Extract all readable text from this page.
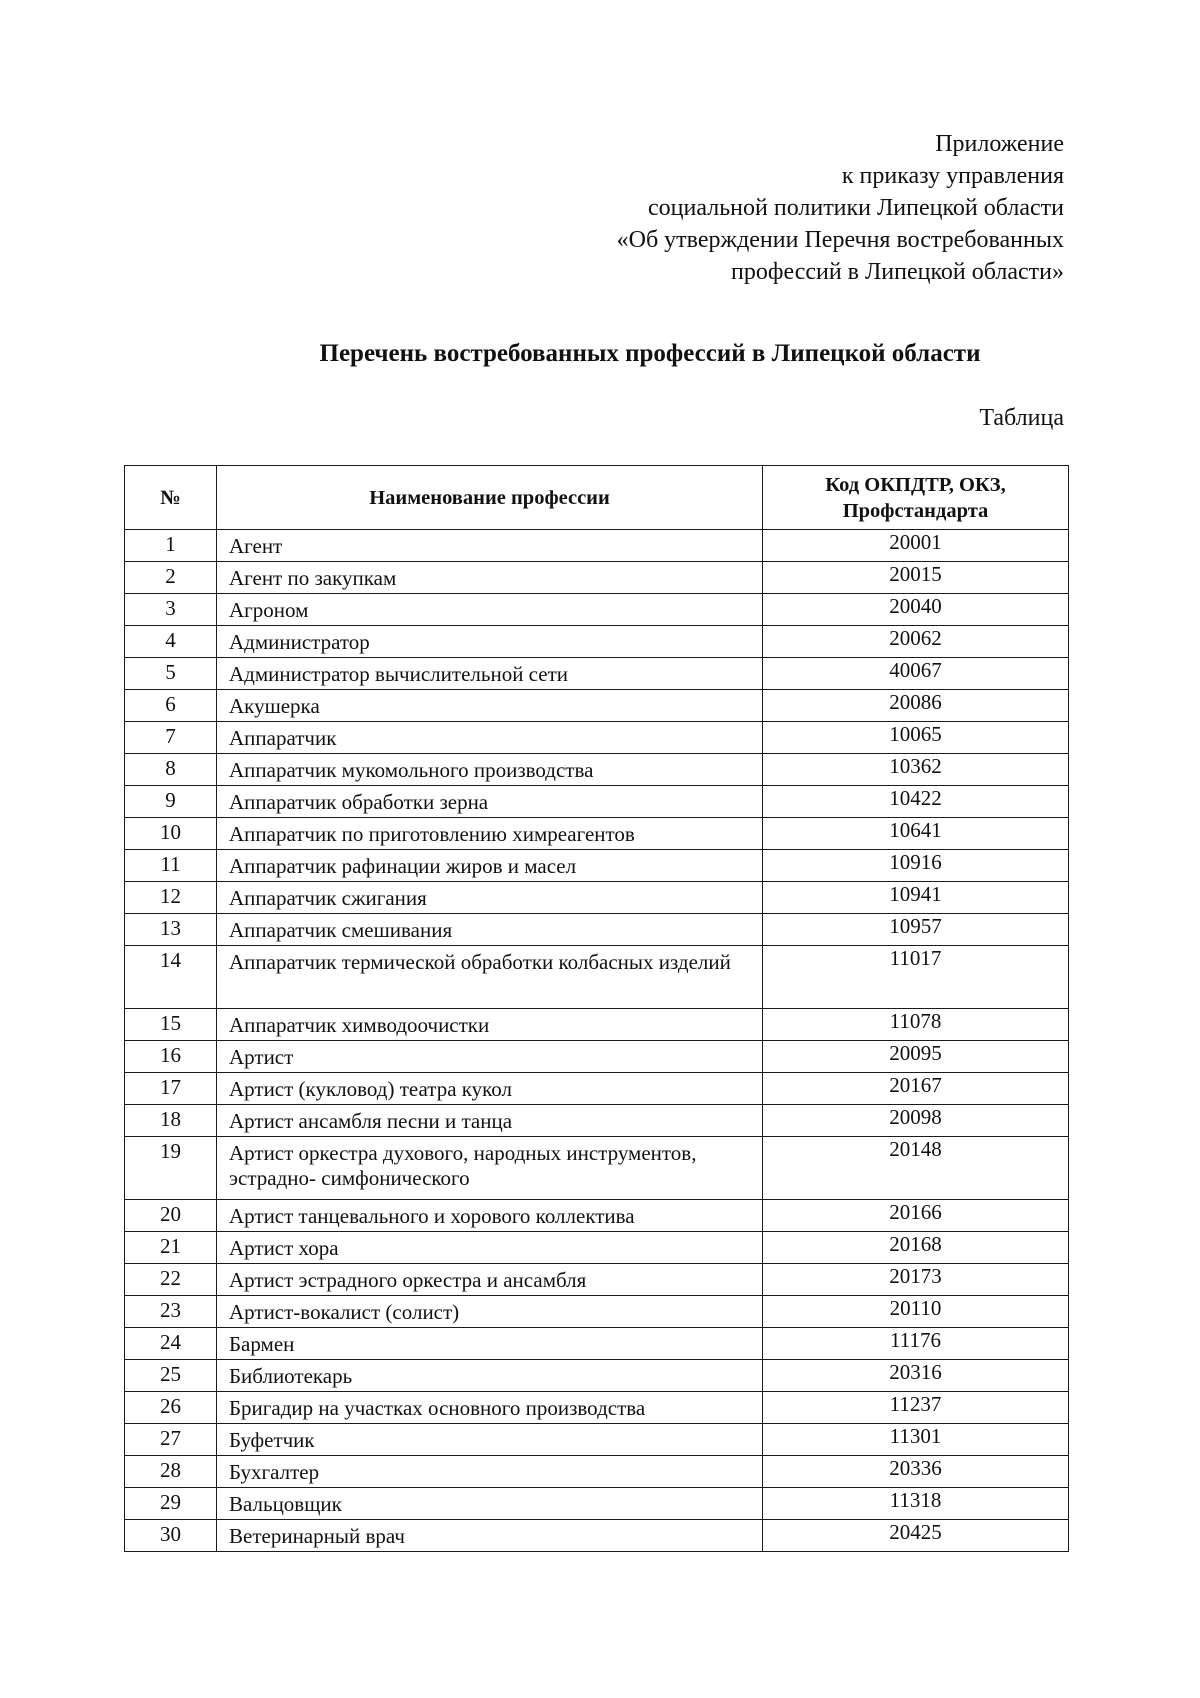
Приложение
к приказу управления
социальной политики Липецкой области
«Об утверждении Перечня востребованных
профессий в Липецкой области»
Перечень востребованных профессий в Липецкой области
Таблица
№	Наименование профессии	Код ОКПДТР, ОКЗ, Профстандарта
1	Агент	20001
2	Агент по закупкам	20015
3	Агроном	20040
4	Администратор	20062
5	Администратор вычислительной сети	40067
6	Акушерка	20086
7	Аппаратчик	10065
8	Аппаратчик мукомольного производства	10362
9	Аппаратчик обработки зерна	10422
10	Аппаратчик по приготовлению химреагентов	10641
11	Аппаратчик рафинации жиров и масел	10916
12	Аппаратчик сжигания	10941
13	Аппаратчик смешивания	10957
14	Аппаратчик термической обработки колбасных изделий	11017
15	Аппаратчик химводоочистки	11078
16	Артист	20095
17	Артист (кукловод) театра кукол	20167
18	Артист ансамбля песни и танца	20098
19	Артист оркестра духового, народных инструментов, эстрадно- симфонического	20148
20	Артист танцевального и хорового коллектива	20166
21	Артист хора	20168
22	Артист эстрадного оркестра и ансамбля	20173
23	Артист-вокалист (солист)	20110
24	Бармен	11176
25	Библиотекарь	20316
26	Бригадир на участках основного производства	11237
27	Буфетчик	11301
28	Бухгалтер	20336
29	Вальцовщик	11318
30	Ветеринарный врач	20425
